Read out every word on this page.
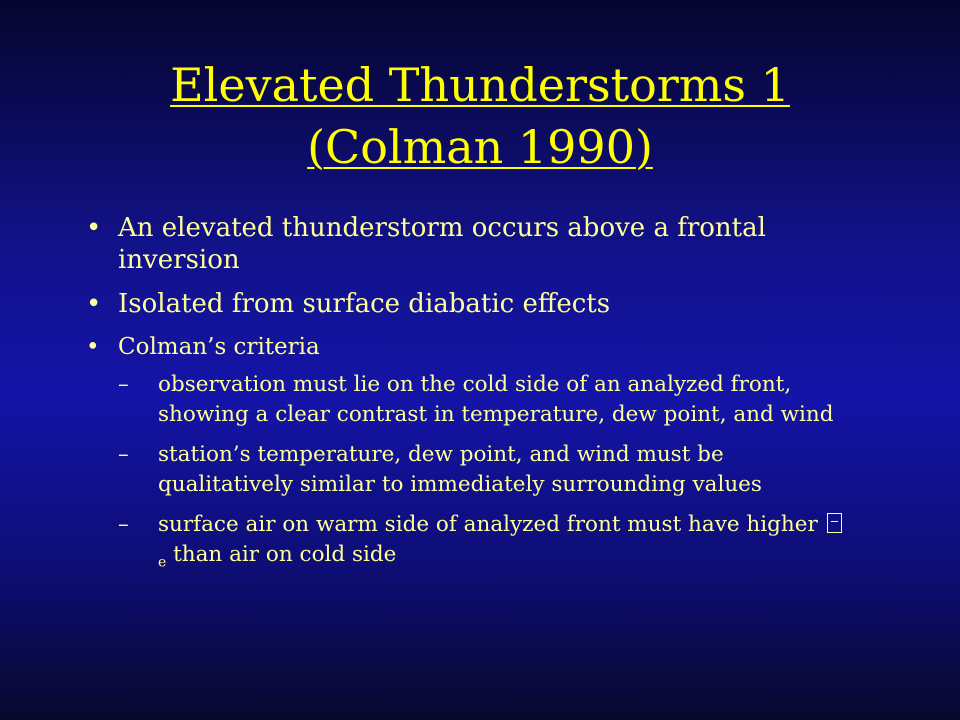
Elevated Thunderstorms 1
(Colman 1990)
• An elevated thunderstorm occurs above a frontal inversion
• Isolated from surface diabatic effects
• Colman’s criteria
– observation must lie on the cold side of an analyzed front, showing a clear contrast in temperature, dew point, and wind
– station’s temperature, dew point, and wind must be qualitatively similar to immediately surrounding values
– surface air on warm side of analyzed front must have higher $_e$ than air on cold side
